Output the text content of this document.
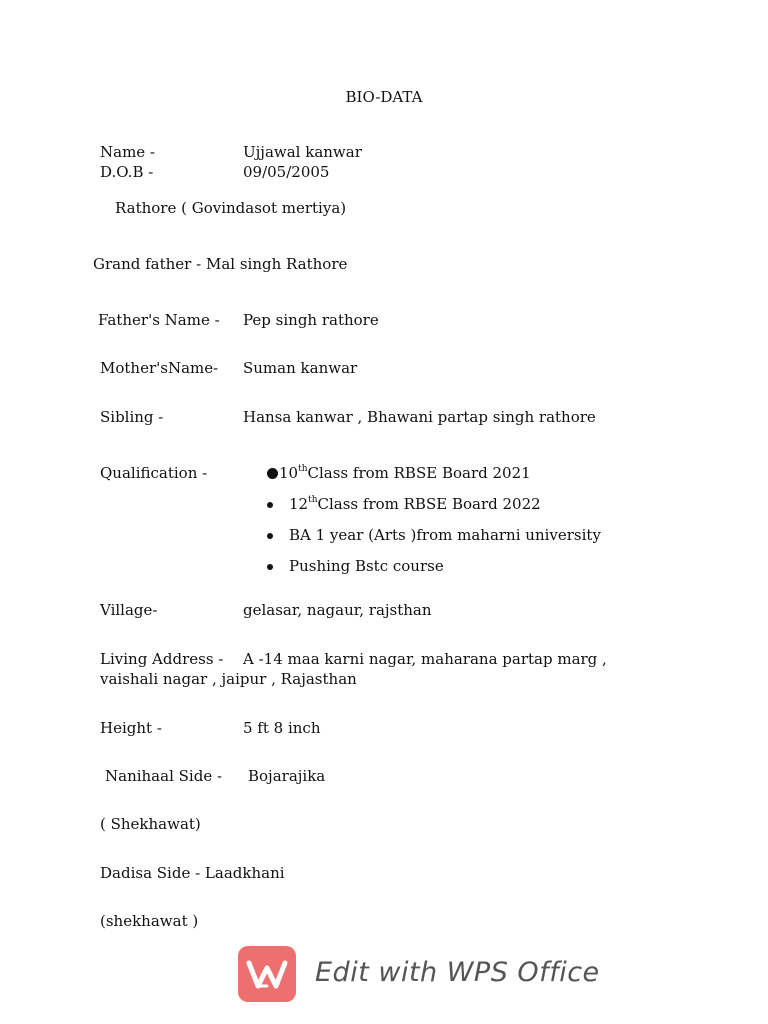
BIO-DATA
Name -	Ujjawal kanwar
D.O.B -	09/05/2005
Rathore ( Govindasot mertiya)
Grand father - Mal singh Rathore
Father's Name - Pep singh rathore
Mother'sName- Suman kanwar
Sibling -	Hansa kanwar , Bhawani partap singh rathore
Qualification -	10thClass from RBSE Board 2021
12thClass from RBSE Board 2022
BA 1 year (Arts )from maharni university
Pushing Bstc course
Village-	gelasar, nagaur, rajsthan
Living Address - A -14 maa karni nagar, maharana partap marg ,
vaishali nagar , jaipur , Rajasthan
Height -	5 ft 8 inch
Nanihaal Side - Bojarajika
( Shekhawat)
Dadisa Side - Laadkhani
(shekhawat )
Edit with WPS Office
